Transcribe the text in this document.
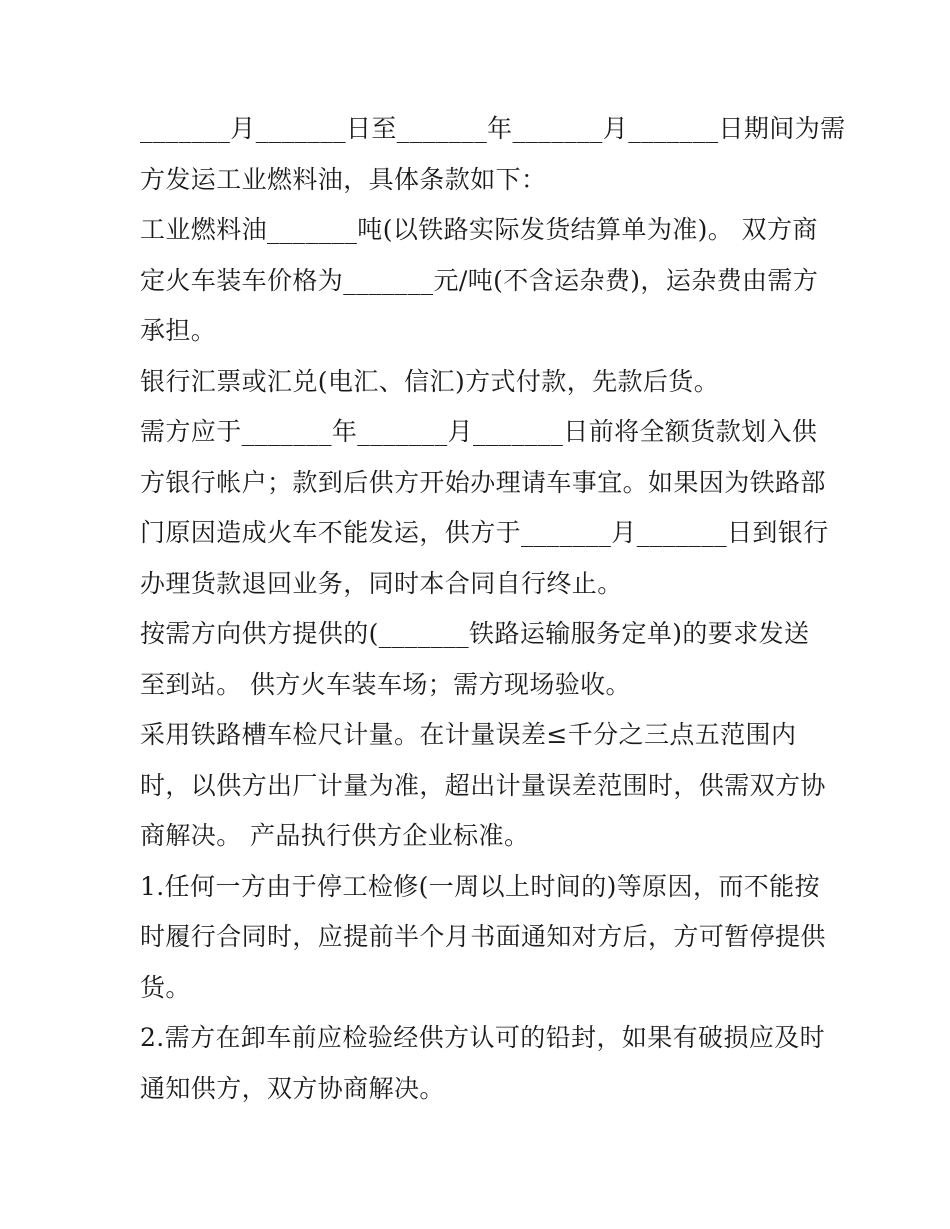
_______月_______日至_______年_______月_______日期间为需
方发运工业燃料油，具体条款如下：
工业燃料油_______吨(以铁路实际发货结算单为准)。 双方商
定火车装车价格为_______元/吨(不含运杂费)，运杂费由需方
承担。
银行汇票或汇兑(电汇、信汇)方式付款，先款后货。
需方应于_______年_______月_______日前将全额货款划入供
方银行帐户；款到后供方开始办理请车事宜。如果因为铁路部
门原因造成火车不能发运，供方于_______月_______日到银行
办理货款退回业务，同时本合同自行终止。
按需方向供方提供的(_______铁路运输服务定单)的要求发送
至到站。 供方火车装车场；需方现场验收。
采用铁路槽车检尺计量。在计量误差≤千分之三点五范围内
时，以供方出厂计量为准，超出计量误差范围时，供需双方协
商解决。 产品执行供方企业标准。
1.任何一方由于停工检修(一周以上时间的)等原因，而不能按
时履行合同时，应提前半个月书面通知对方后，方可暂停提供
货。
2.需方在卸车前应检验经供方认可的铅封，如果有破损应及时
通知供方，双方协商解决。
